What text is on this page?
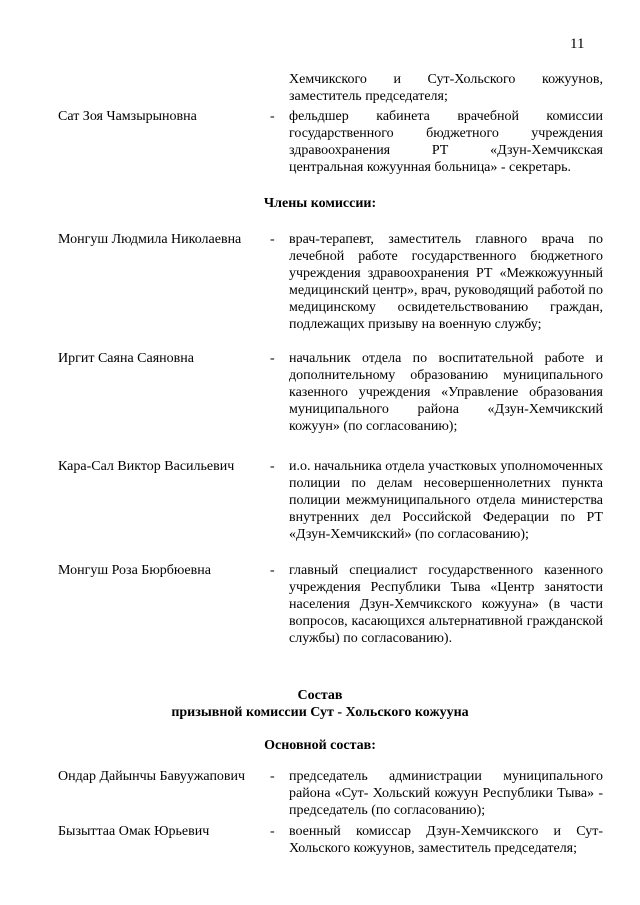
11
Хемчикского и Сут-Хольского кожуунов, заместитель председателя;
Сат Зоя Чамзырыновна	- фельдшер кабинета врачебной комиссии государственного бюджетного учреждения здравоохранения РТ «Дзун-Хемчикская центральная кожуунная больница» - секретарь.
Члены комиссии:
Монгуш Людмила Николаевна	- врач-терапевт, заместитель главного врача по лечебной работе государственного бюджетного учреждения здравоохранения РТ «Межкожуунный медицинский центр», врач, руководящий работой по медицинскому освидетельствованию граждан, подлежащих призыву на военную службу;
Иргит Саяна Саяновна	- начальник отдела по воспитательной работе и дополнительному образованию муниципального казенного учреждения «Управление образования муниципального района «Дзун-Хемчикский кожуун» (по согласованию);
Кара-Сал Виктор Васильевич	- и.о. начальника отдела участковых уполномоченных полиции по делам несовершеннолетних пункта полиции межмуниципального отдела министерства внутренних дел Российской Федерации по РТ «Дзун-Хемчикский» (по согласованию);
Монгуш Роза Бюрбюевна	- главный специалист государственного казенного учреждения Республики Тыва «Центр занятости населения Дзун-Хемчикского кожууна» (в части вопросов, касающихся альтернативной гражданской службы) по согласованию).
Состав
призывной комиссии Сут - Хольского кожууна
Основной состав:
Ондар Дайынчы Бавуужапович	- председатель администрации муниципального района «Сут- Хольский кожуун Республики Тыва» - председатель (по согласованию);
Бызыттаа Омак Юрьевич	- военный комиссар Дзун-Хемчикского и Сут-Хольского кожуунов, заместитель председателя;
